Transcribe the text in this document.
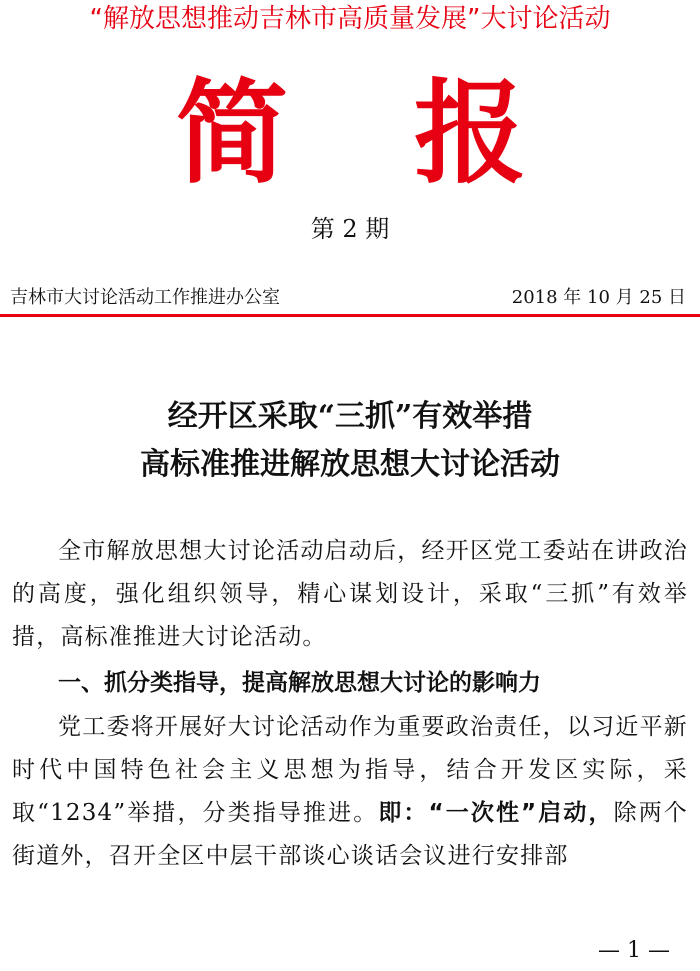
“解放思想推动吉林市高质量发展”大讨论活动
简 报
第 2 期
吉林市大讨论活动工作推进办公室	2018 年 10 月 25 日
经开区采取“三抓”有效举措
高标准推进解放思想大讨论活动

全市解放思想大讨论活动启动后，经开区党工委站在讲政治的高度，强化组织领导，精心谋划设计，采取“三抓”有效举措，高标准推进大讨论活动。

一、抓分类指导，提高解放思想大讨论的影响力

党工委将开展好大讨论活动作为重要政治责任，以习近平新时代中国特色社会主义思想为指导，结合开发区实际，采取“1234”举措，分类指导推进。即：“一次性”启动，除两个街道外，召开全区中层干部谈心谈话会议进行安排部

— 1 —
